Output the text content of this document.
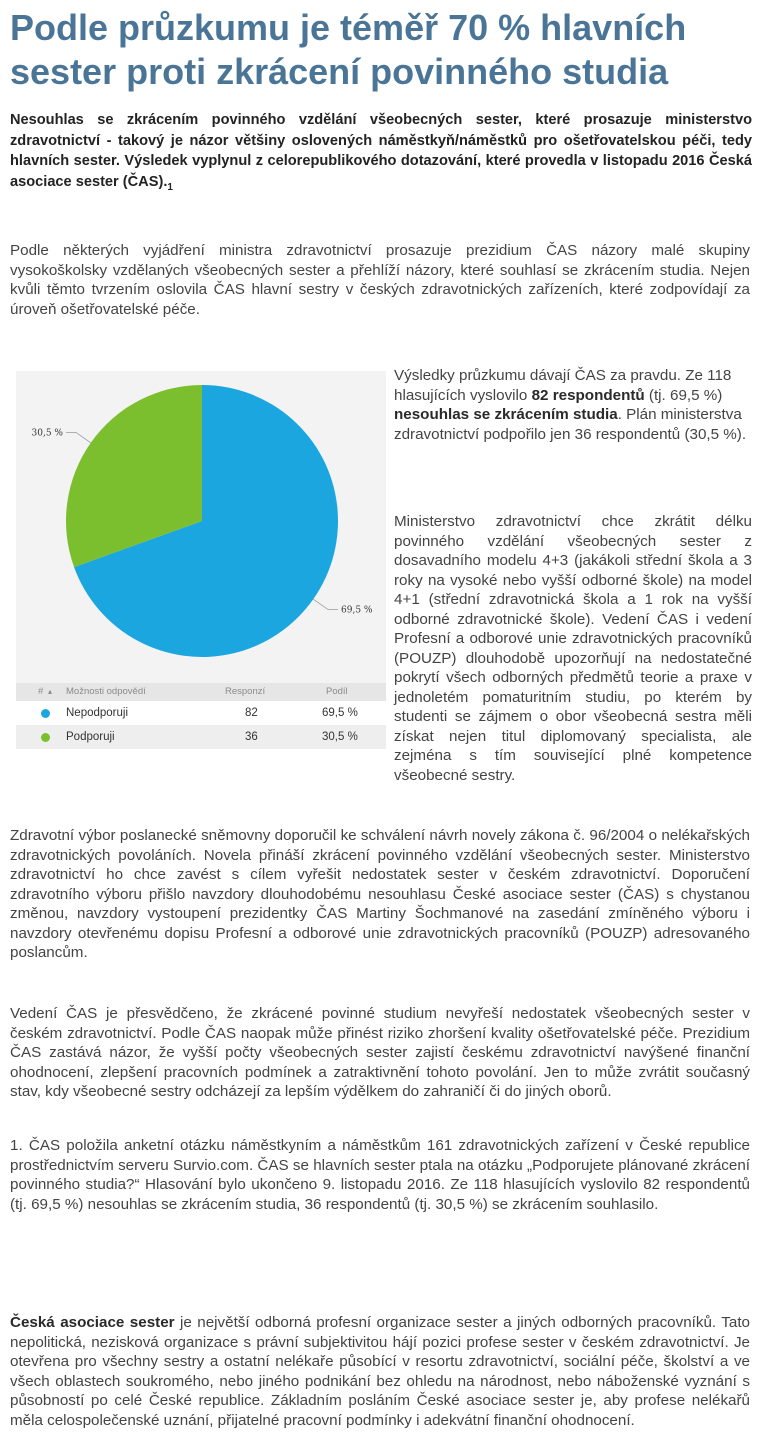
Podle průzkumu je téměř 70 % hlavních sester proti zkrácení povinného studia

Nesouhlas se zkrácením povinného vzdělání všeobecných sester, které prosazuje ministerstvo zdravotnictví - takový je názor většiny oslovených náměstkyň/náměstků pro ošetřovatelskou péči, tedy hlavních sester. Výsledek vyplynul z celorepublikového dotazování, které provedla v listopadu 2016 Česká asociace sester $(ČAS)._1$

Podle některých vyjádření ministra zdravotnictví prosazuje prezidium ČAS názory malé skupiny vysokoškolsky vzdělaných všeobecných sester a přehlíží názory, které souhlasí se zkrácením studia. Nejen kvůli těmto tvrzením oslovila ČAS hlavní sestry v českých zdravotnických zařízeních, které zodpovídají za úroveň ošetřovatelské péče.

69,5 %
30,5 %
# ▴ Možnosti odpovědí	Responzí	Podíl
Nepodporuji	82	69,5 %
Podporuji	36	30,5 %

Výsledky průzkumu dávají ČAS za pravdu. Ze 118 hlasujících vyslovilo 82 respondentů (tj. 69,5 %) nesouhlas se zkrácením studia. Plán ministerstva zdravotnictví podpořilo jen 36 respondentů (30,5 %).

Ministerstvo zdravotnictví chce zkrátit délku povinného vzdělání všeobecných sester z dosavadního modelu 4+3 (jakákoli střední škola a 3 roky na vysoké nebo vyšší odborné škole) na model 4+1 (střední zdravotnická škola a 1 rok na vyšší odborné zdravotnické škole). Vedení ČAS i vedení Profesní a odborové unie zdravotnických pracovníků (POUZP) dlouhodobě upozorňují na nedostatečné pokrytí všech odborných předmětů teorie a praxe v jednoletém pomaturitním studiu, po kterém by studenti se zájmem o obor všeobecná sestra měli získat nejen titul diplomovaný specialista, ale zejména s tím související plné kompetence všeobecné sestry.

Zdravotní výbor poslanecké sněmovny doporučil ke schválení návrh novely zákona č. 96/2004 o nelékařských zdravotnických povoláních. Novela přináší zkrácení povinného vzdělání všeobecných sester. Ministerstvo zdravotnictví ho chce zavést s cílem vyřešit nedostatek sester v českém zdravotnictví. Doporučení zdravotního výboru přišlo navzdory dlouhodobému nesouhlasu České asociace sester (ČAS) s chystanou změnou, navzdory vystoupení prezidentky ČAS Martiny Šochmanové na zasedání zmíněného výboru i navzdory otevřenému dopisu Profesní a odborové unie zdravotnických pracovníků (POUZP) adresovaného poslancům.

Vedení ČAS je přesvědčeno, že zkrácené povinné studium nevyřeší nedostatek všeobecných sester v českém zdravotnictví. Podle ČAS naopak může přinést riziko zhoršení kvality ošetřovatelské péče. Prezidium ČAS zastává názor, že vyšší počty všeobecných sester zajistí českému zdravotnictví navýšené finanční ohodnocení, zlepšení pracovních podmínek a zatraktivnění tohoto povolání. Jen to může zvrátit současný stav, kdy všeobecné sestry odcházejí za lepším výdělkem do zahraničí či do jiných oborů.

1. ČAS položila anketní otázku náměstkyním a náměstkům 161 zdravotnických zařízení v České republice prostřednictvím serveru Survio.com. ČAS se hlavních sester ptala na otázku „Podporujete plánované zkrácení povinného studia?“ Hlasování bylo ukončeno 9. listopadu 2016. Ze 118 hlasujících vyslovilo 82 respondentů (tj. 69,5 %) nesouhlas se zkrácením studia, 36 respondentů (tj. 30,5 %) se zkrácením souhlasilo.

Česká asociace sester je největší odborná profesní organizace sester a jiných odborných pracovníků. Tato nepolitická, nezisková organizace s právní subjektivitou hájí pozici profese sester v českém zdravotnictví. Je otevřena pro všechny sestry a ostatní nelékaře působící v resortu zdravotnictví, sociální péče, školství a ve všech oblastech soukromého, nebo jiného podnikání bez ohledu na národnost, nebo náboženské vyznání s působností po celé České republice. Základním posláním České asociace sester je, aby profese nelékařů měla celospolečenské uznání, přijatelné pracovní podmínky i adekvátní finanční ohodnocení.
